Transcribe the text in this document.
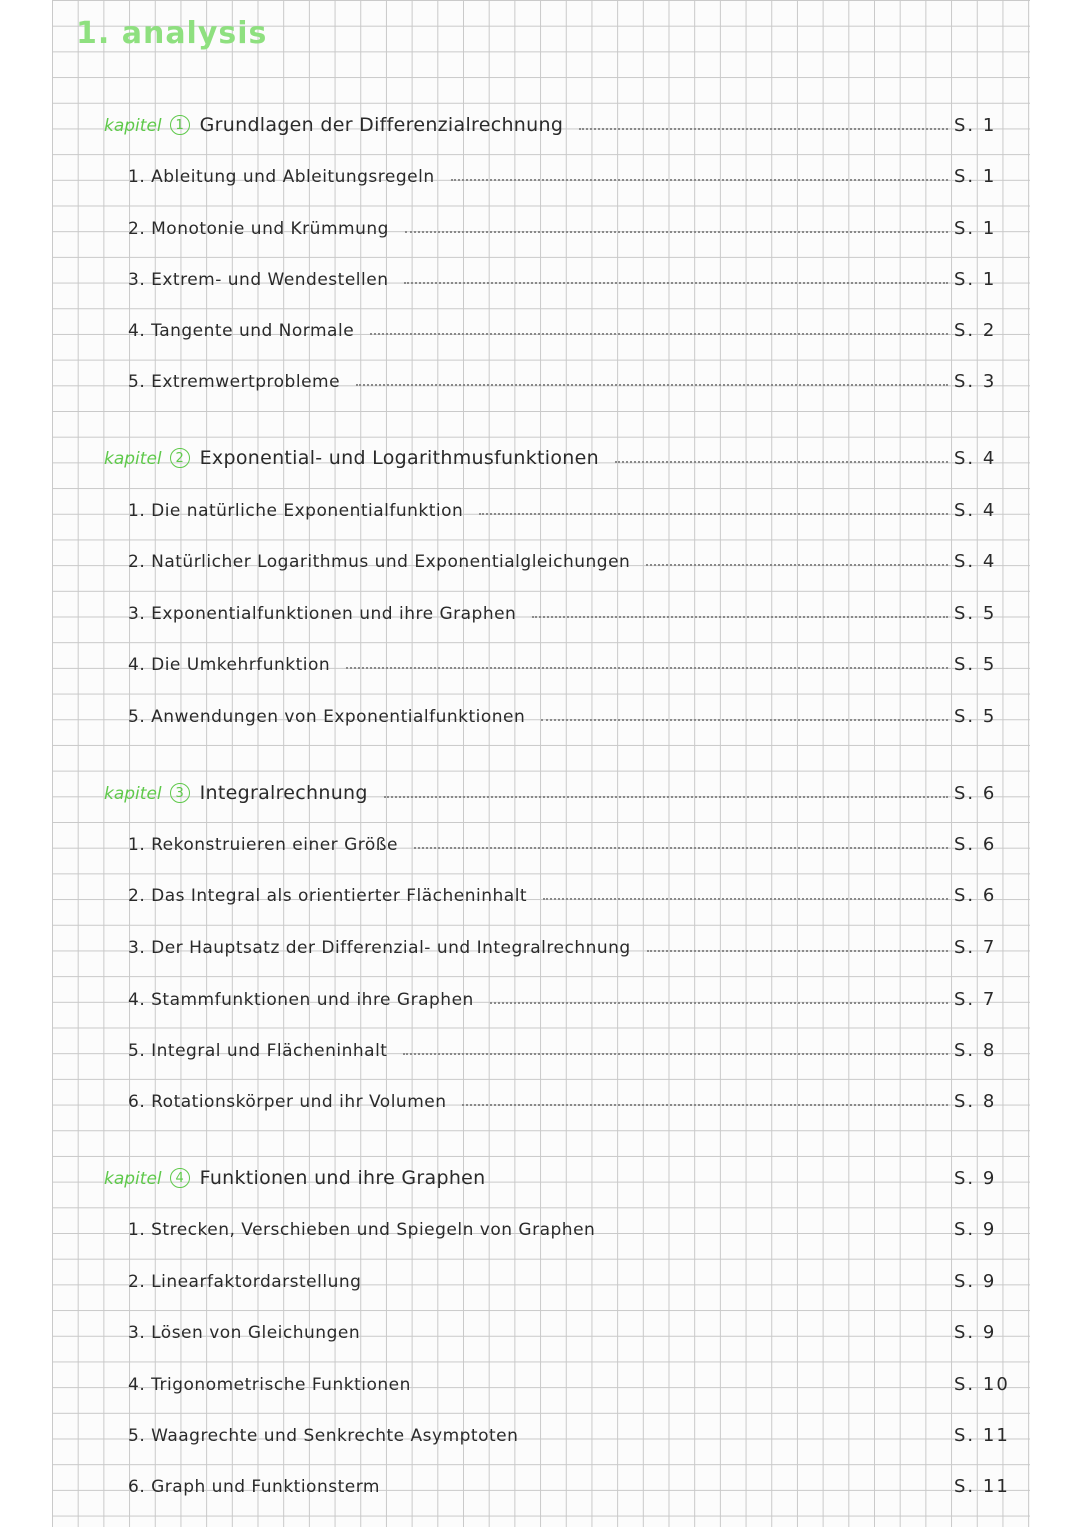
1. analysis
kapitel	1 Grundlagen der Differenzialrechnung	S. 1
1. Ableitung und Ableitungsregeln	S. 1
2. Monotonie und Krümmung	S. 1
3. Extrem- und Wendestellen	S. 1
4. Tangente und Normale	S. 2
5. Extremwertprobleme	S. 3
kapitel	2 Exponential- und Logarithmusfunktionen	S. 4
1. Die natürliche Exponentialfunktion	S. 4
2. Natürlicher Logarithmus und Exponentialgleichungen	S. 4
3. Exponentialfunktionen und ihre Graphen	S. 5
4. Die Umkehrfunktion	S. 5
5. Anwendungen von Exponentialfunktionen	S. 5
kapitel	3 Integralrechnung	S. 6
1. Rekonstruieren einer Größe	S. 6
2. Das Integral als orientierter Flächeninhalt	S. 6
3. Der Hauptsatz der Differenzial- und Integralrechnung	S. 7
4. Stammfunktionen und ihre Graphen	S. 7
5. Integral und Flächeninhalt	S. 8
6. Rotationskörper und ihr Volumen	S. 8
kapitel	4 Funktionen und ihre Graphen	S. 9
1. Strecken, Verschieben und Spiegeln von Graphen	S. 9
2. Linearfaktordarstellung	S. 9
3. Lösen von Gleichungen	S. 9
4. Trigonometrische Funktionen	S. 10
5. Waagrechte und Senkrechte Asymptoten	S. 11
6. Graph und Funktionsterm	S. 11
